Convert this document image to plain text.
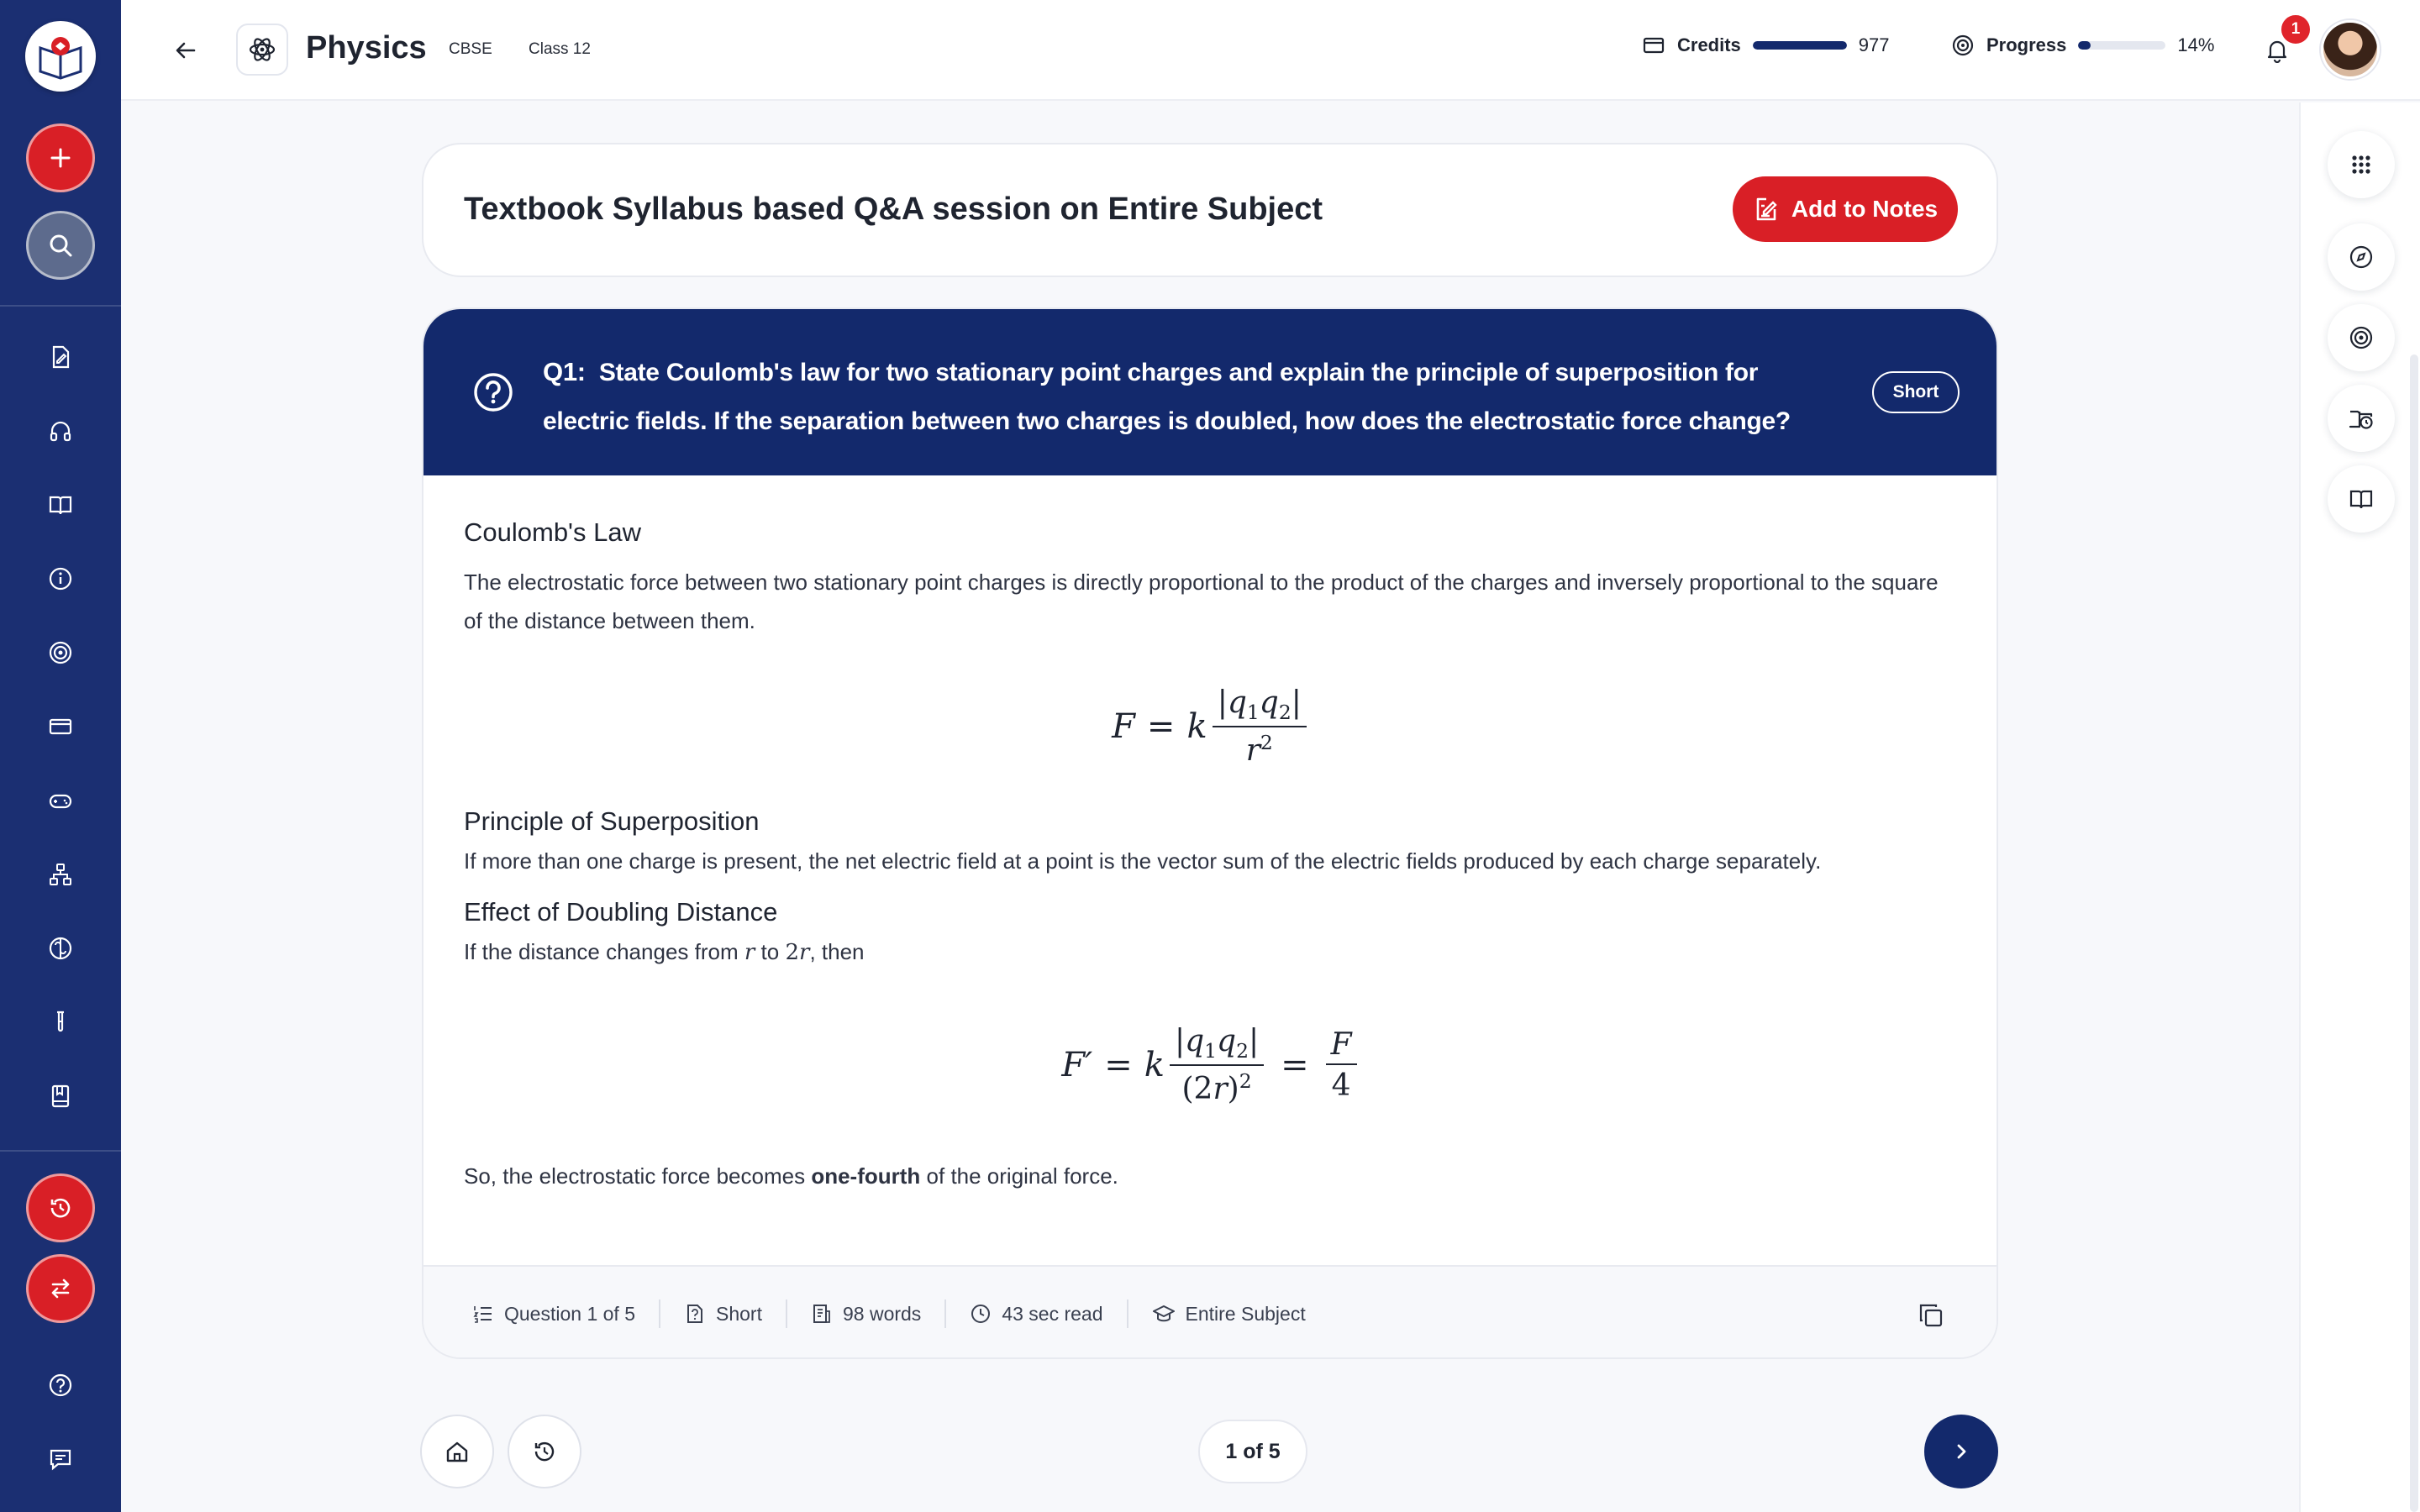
Physics CBSE Class 12	Credits	977	Progress	14%
1
Textbook Syllabus based Q&A session on Entire Subject	Add to Notes
Q1: State Coulomb's law for two stationary point charges and explain the principle of superposition for electric fields. If the separation between two charges is doubled, how does the electrostatic force change?
Short
Coulomb's Law
The electrostatic force between two stationary point charges is directly proportional to the product of the charges and inversely proportional to the square of the distance between them.
F = k $\frac{|q_1q_2|}{r^2}$
Principle of Superposition
If more than one charge is present, the net electric field at a point is the vector sum of the electric fields produced by each charge separately.
Effect of Doubling Distance
If the distance changes from r to 2r, then
F′ = k $\frac{|q_1q_2|}{(2r)^2} = \frac{F}{4}$
So, the electrostatic force becomes one-fourth of the original force.
Question 1 of 5	Short	98 words	43 sec read	Entire Subject
1 of 5
